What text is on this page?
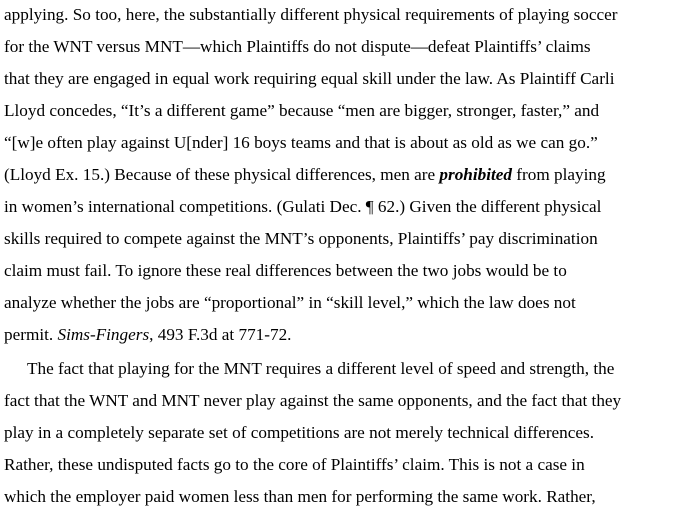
applying. So too, here, the substantially different physical requirements of playing soccer
for the WNT versus MNT—which Plaintiffs do not dispute—defeat Plaintiffs’ claims
that they are engaged in equal work requiring equal skill under the law. As Plaintiff Carli
Lloyd concedes, “It’s a different game” because “men are bigger, stronger, faster,” and
“[w]e often play against U[nder] 16 boys teams and that is about as old as we can go.”
(Lloyd Ex. 15.) Because of these physical differences, men are prohibited from playing
in women’s international competitions. (Gulati Dec. ¶ 62.) Given the different physical
skills required to compete against the MNT’s opponents, Plaintiffs’ pay discrimination
claim must fail. To ignore these real differences between the two jobs would be to
analyze whether the jobs are “proportional” in “skill level,” which the law does not
permit. Sims-Fingers, 493 F.3d at 771-72.
The fact that playing for the MNT requires a different level of speed and strength, the
fact that the WNT and MNT never play against the same opponents, and the fact that they
play in a completely separate set of competitions are not merely technical differences.
Rather, these undisputed facts go to the core of Plaintiffs’ claim. This is not a case in
which the employer paid women less than men for performing the same work. Rather,
